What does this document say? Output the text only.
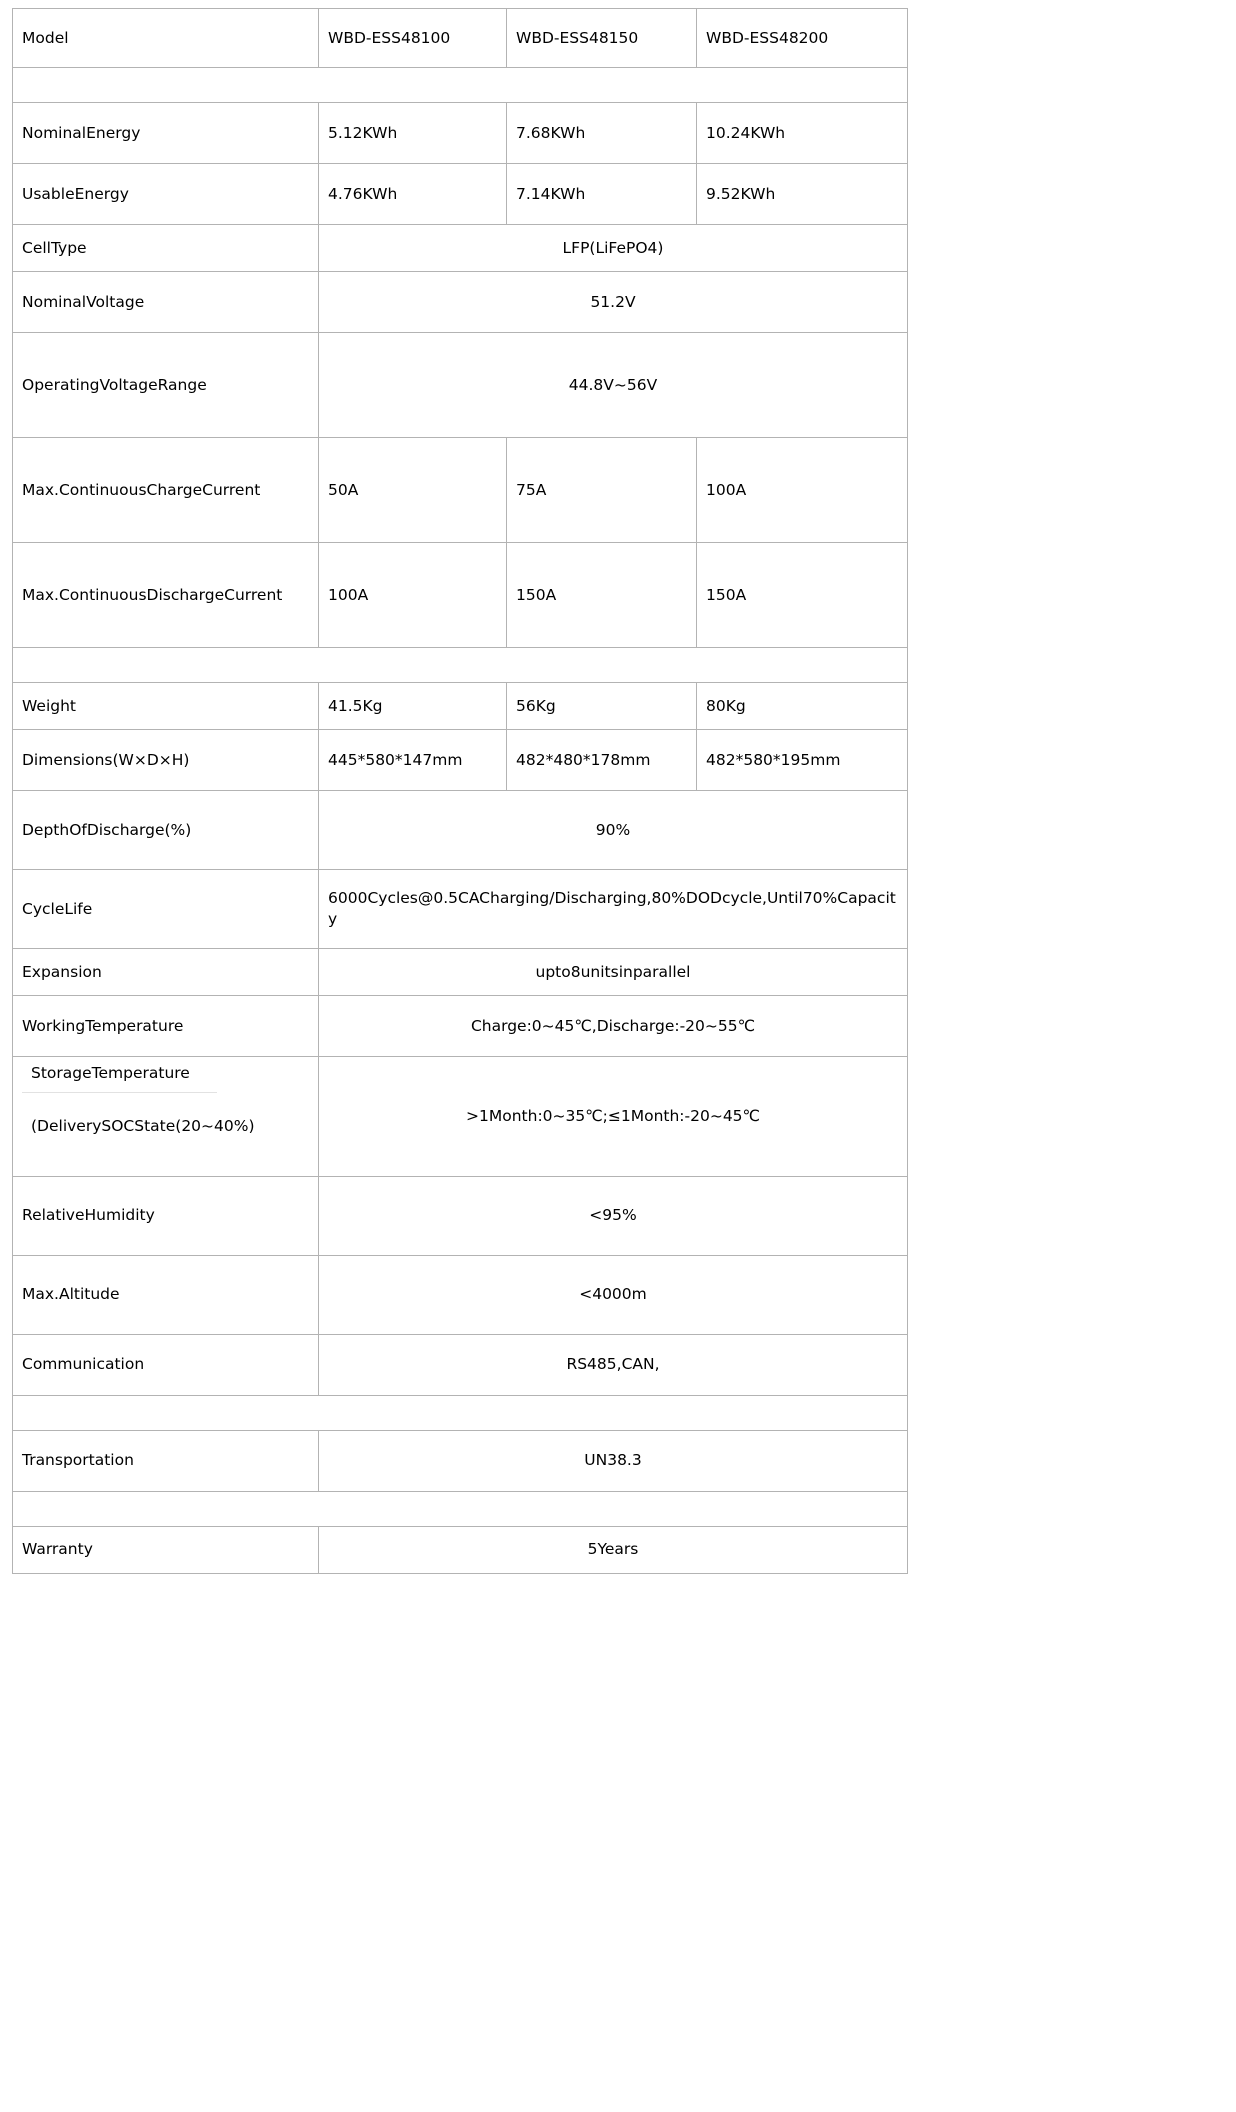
Model	WBD-ESS48100	WBD-ESS48150	WBD-ESS48200
ElectricData			
NominalEnergy	5.12KWh	7.68KWh	10.24KWh
UsableEnergy	4.76KWh	7.14KWh	9.52KWh
CellType	LFP(LiFePO4)		
NominalVoltage	51.2V		
OperatingVoltageRange	44.8V~56V		
Max.ContinuousChargeCurrent	50A	75A	100A
Max.ContinuousDischargeCurrent	100A	150A	150A
GeneralData			
Weight	41.5Kg	56Kg	80Kg
Dimensions(W×D×H)	445*580*147mm	482*480*178mm	482*580*195mm
DepthOfDischarge(%)	90%		
CycleLife	6000Cycles@0.5CACharging/Discharging,80%DODcycle,Until70%Capacity		
Expansion	upto8unitsinparallel		
WorkingTemperature	Charge:0~45℃,Discharge:-20~55℃		

StorageTemperature
(DeliverySOCState(20~40%)	>1Month:0~35℃;≤1Month:-20~45℃		
RelativeHumidity	<95%		
Max.Altitude	<4000m		
Communication	RS485,CAN,		
Certification			
Transportation	UN38.3		
Warranty			
Warranty	5Years		
